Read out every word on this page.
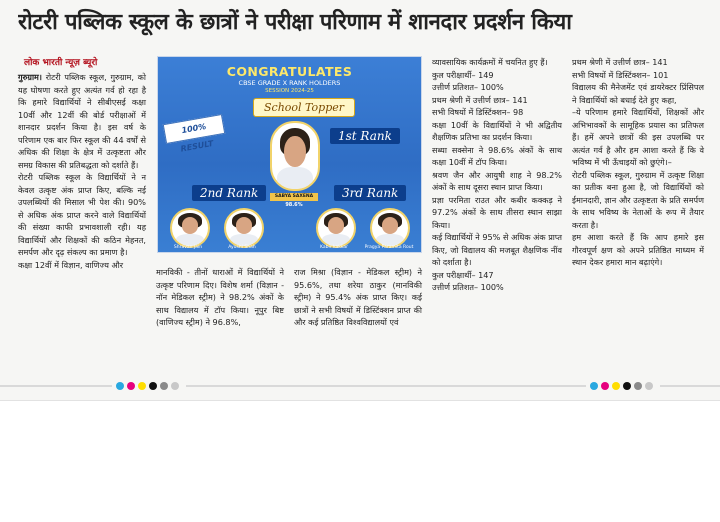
रोटरी पब्लिक स्कूल के छात्रों ने परीक्षा परिणाम में शानदार प्रदर्शन किया
लोक भारती न्यूज़ ब्यूरो

गुरुग्राम। रोटरी पब्लिक स्कूल, गुरुग्राम, को यह घोषणा करते हुए अत्यंत गर्व हो रहा है कि हमारे विद्यार्थियों ने सीबीएसई कक्षा 10वीं और 12वीं की बोर्ड परीक्षाओं में शानदार प्रदर्शन किया है। इस वर्ष के परिणाम एक बार फिर स्कूल की 44 वर्षों से अधिक की शिक्षा के क्षेत्र में उत्कृष्टता और समग्र विकास की प्रतिबद्धता को दर्शाते हैं।

रोटरी पब्लिक स्कूल के विद्यार्थियों ने न केवल उत्कृष्ट अंक प्राप्त किए, बल्कि नई उपलब्धियों की मिसाल भी पेश की। 90% से अधिक अंक प्राप्त करने वाले विद्यार्थियों की संख्या काफी प्रभावशाली रही। यह विद्यार्थियों और शिक्षकों की कठिन मेहनत, समर्पण और दृढ़ संकल्प का प्रमाण है।

कक्षा 12वीं में विज्ञान, वाणिज्य और

CONGRATULATES
CBSE GRADE X RANK HOLDERS
SESSION 2024-25
School Topper
100% RESULT
SABYA SAXENA
98.6%
1st Rank
2nd Rank	3rd Rank
Shravan Jain	Ayushi Shah	Kabir kakkar	Pragya Paramita Rout

मानविकी - तीनों धाराओं में विद्यार्थियों ने उत्कृष्ट परिणाम दिए। विशेष शर्मा (विज्ञान - नॉन मेडिकल स्ट्रीम) ने 98.2% अंकों के साथ विद्यालय में टॉप किया। नूपुर बिष्ट (वाणिज्य स्ट्रीम) ने 96.8%,

राज मिश्रा (विज्ञान - मेडिकल स्ट्रीम) ने 95.6%, तथा शरेया ठाकुर (मानविकी स्ट्रीम) ने 95.4% अंक प्राप्त किए। कई छात्रों ने सभी विषयों में डिस्टिंक्शन प्राप्त की और कई प्रतिष्ठित विश्वविद्यालयों एवं

व्यावसायिक कार्यक्रमों में चयनित हुए हैं।

कुल परीक्षार्थी– 149

उत्तीर्ण प्रतिशत– 100%

प्रथम श्रेणी में उत्तीर्ण छात्र– 141

सभी विषयों में डिस्टिंक्शन– 98

कक्षा 10वीं के विद्यार्थियों ने भी अद्वितीय शैक्षणिक प्रतिभा का प्रदर्शन किया।

सब्या सक्सेना ने 98.6% अंकों के साथ कक्षा 10वीं में टॉप किया।

श्रवण जैन और आयुषी शाह ने 98.2% अंकों के साथ दूसरा स्थान प्राप्त किया।

प्रज्ञा परमिता राउत और कबीर कक्कड़ ने 97.2% अंकों के साथ तीसरा स्थान साझा किया।

कई विद्यार्थियों ने 95% से अधिक अंक प्राप्त किए, जो विद्यालय की मजबूत शैक्षणिक नींव को दर्शाता है।

कुल परीक्षार्थी– 147

उत्तीर्ण प्रतिशत– 100%

प्रथम श्रेणी में उत्तीर्ण छात्र– 141

सभी विषयों में डिस्टिंक्शन– 101

विद्यालय की मैनेजमेंट एवं डायरेक्टर प्रिंसिपल ने विद्यार्थियों को बधाई देते हुए कहा,

–ये परिणाम हमारे विद्यार्थियों, शिक्षकों और अभिभावकों के सामूहिक प्रयास का प्रतिफल हैं। हमें अपने छात्रों की इस उपलब्धि पर अत्यंत गर्व है और हम आशा करते हैं कि वे भविष्य में भी ऊँचाइयों को छुएंगे।–

रोटरी पब्लिक स्कूल, गुरुग्राम में उत्कृष्ट शिक्षा का प्रतीक बना हुआ है, जो विद्यार्थियों को ईमानदारी, ज्ञान और उत्कृष्टता के प्रति समर्पण के साथ भविष्य के नेताओं के रूप में तैयार करता है।

हम आशा करते हैं कि आप हमारे इस गौरवपूर्ण क्षण को अपने प्रतिष्ठित माध्यम में स्थान देकर हमारा मान बढ़ाएंगे।
